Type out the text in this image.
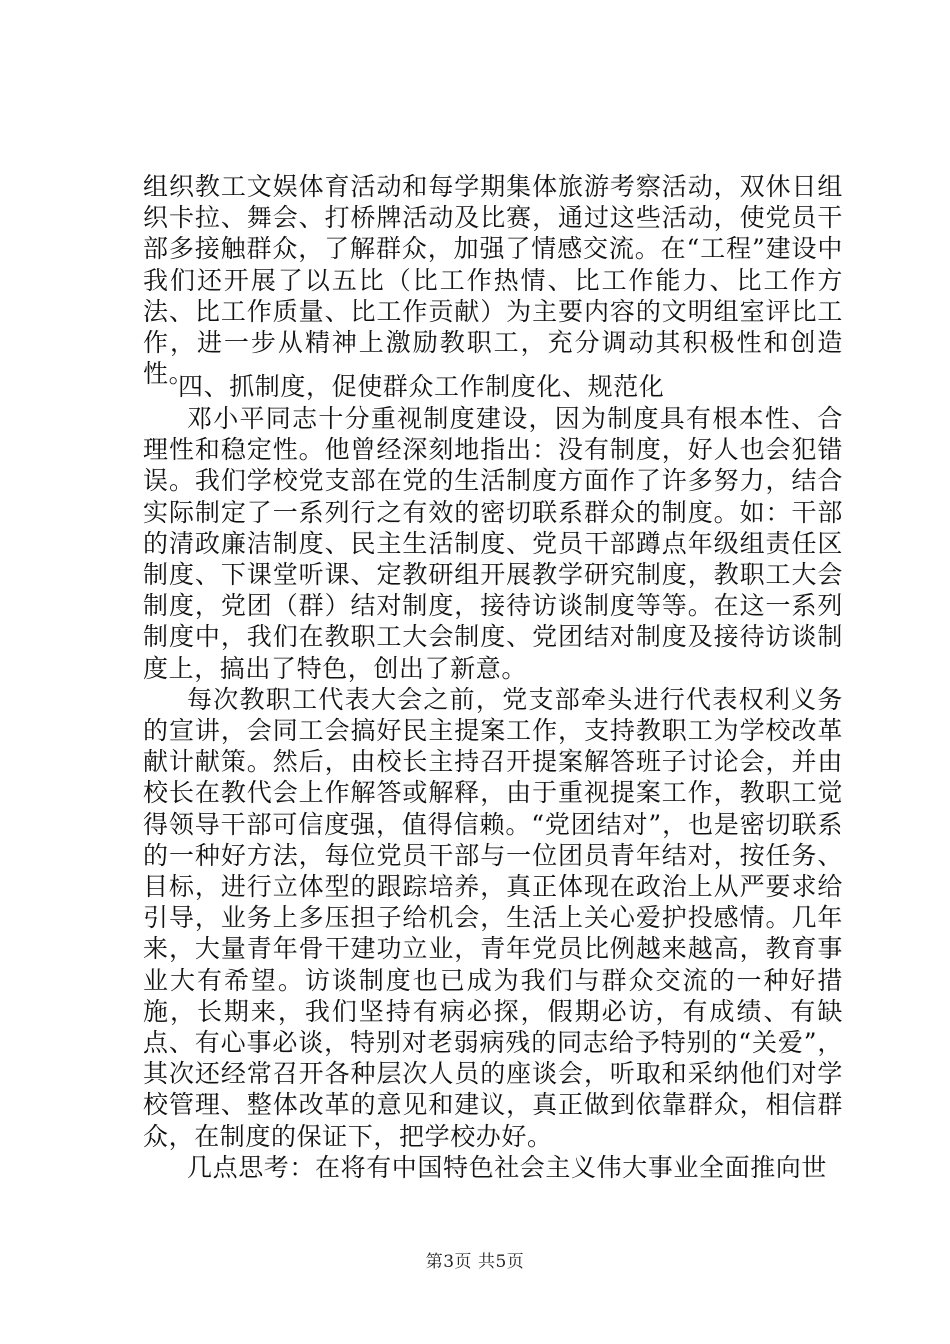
组织教工文娱体育活动和每学期集体旅游考察活动，双休日组织卡拉、舞会、打桥牌活动及比赛，通过这些活动，使党员干部多接触群众，了解群众，加强了情感交流。在“工程”建设中我们还开展了以五比（比工作热情、比工作能力、比工作方法、比工作质量、比工作贡献）为主要内容的文明组室评比工作，进一步从精神上激励教职工，充分调动其积极性和创造性。

四、抓制度，促使群众工作制度化、规范化

邓小平同志十分重视制度建设，因为制度具有根本性、合理性和稳定性。他曾经深刻地指出：没有制度，好人也会犯错误。我们学校党支部在党的生活制度方面作了许多努力，结合实际制定了一系列行之有效的密切联系群众的制度。如：干部的清政廉洁制度、民主生活制度、党员干部蹲点年级组责任区制度、下课堂听课、定教研组开展教学研究制度，教职工大会制度，党团（群）结对制度，接待访谈制度等等。在这一系列制度中，我们在教职工大会制度、党团结对制度及接待访谈制度上，搞出了特色，创出了新意。

每次教职工代表大会之前，党支部牵头进行代表权利义务的宣讲，会同工会搞好民主提案工作，支持教职工为学校改革献计献策。然后，由校长主持召开提案解答班子讨论会，并由校长在教代会上作解答或解释，由于重视提案工作，教职工觉得领导干部可信度强，值得信赖。“党团结对”，也是密切联系的一种好方法，每位党员干部与一位团员青年结对，按任务、目标，进行立体型的跟踪培养，真正体现在政治上从严要求给引导，业务上多压担子给机会，生活上关心爱护投感情。几年来，大量青年骨干建功立业，青年党员比例越来越高，教育事业大有希望。访谈制度也已成为我们与群众交流的一种好措施，长期来，我们坚持有病必探，假期必访，有成绩、有缺点、有心事必谈，特别对老弱病残的同志给予特别的“关爱”，其次还经常召开各种层次人员的座谈会，听取和采纳他们对学校管理、整体改革的意见和建议，真正做到依靠群众，相信群众，在制度的保证下，把学校办好。

几点思考：在将有中国特色社会主义伟大事业全面推向世

第3页 共5页
